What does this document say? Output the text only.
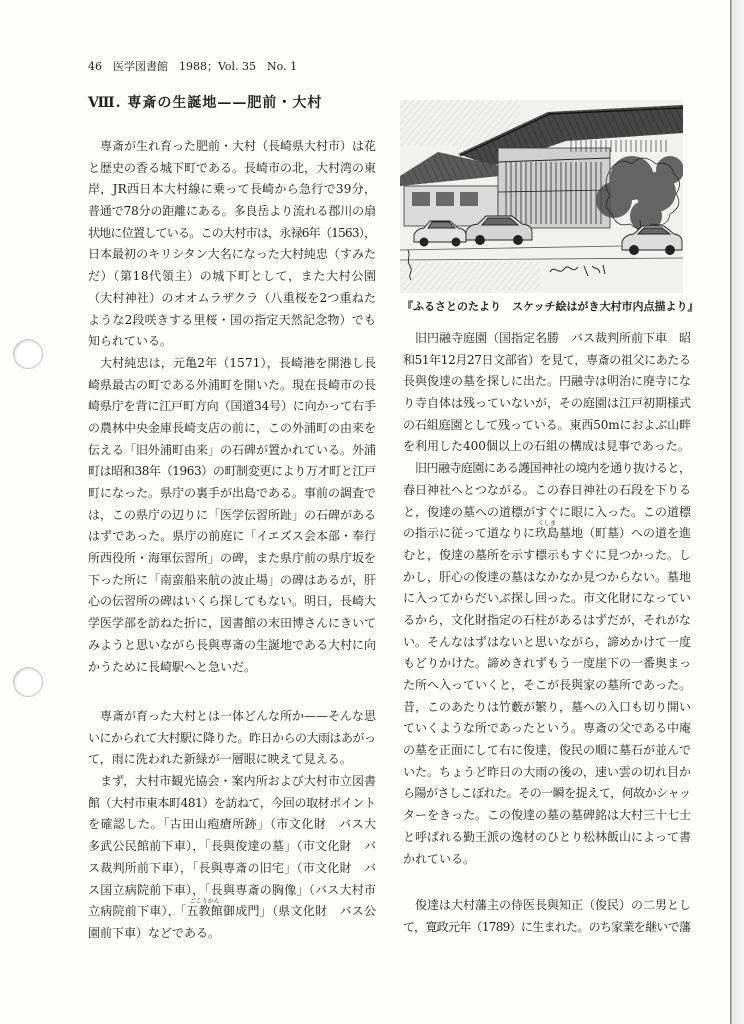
46　医学図書館　1988；Vol. 35　No. 1
Ⅷ. 専斎の生誕地——肥前・大村
専斎が生れ育った肥前・大村（長崎県大村市）は花
と歴史の香る城下町である。長崎市の北，大村湾の東
岸，JR西日本大村線に乗って長崎から急行で39分，
普通で78分の距離にある。多良岳より流れる郡川の扇
状地に位置している。この大村市は，永禄6年（1563），
日本最初のキリシタン大名になった大村純忠（すみた
だ）（第18代領主）の城下町として，また大村公園
（大村神社）のオオムラザクラ（八重桜を2つ重ねた
ような2段咲きする里桜・国の指定天然記念物）でも
知られている。
大村純忠は，元亀2年（1571），長崎港を開港し長
崎県最古の町である外浦町を開いた。現在長崎市の長
崎県庁を背に江戸町方向（国道34号）に向かって右手
の農林中央金庫長崎支店の前に，この外浦町の由来を
伝える「旧外浦町由来」の石碑が置かれている。外浦
町は昭和38年（1963）の町制変更により万才町と江戸
町になった。県庁の裏手が出島である。事前の調査で
は，この県庁の辺りに「医学伝習所趾」の石碑がある
はずであった。県庁の前庭に「イエズス会本部・奉行
所西役所・海軍伝習所」の碑，また県庁前の県庁坂を
下った所に「南蛮船来航の波止場」の碑はあるが，肝
心の伝習所の碑はいくら探してもない。明日，長崎大
学医学部を訪ねた折に，図書館の末田博さんにきいて
みようと思いながら長與専斎の生誕地である大村に向
かうために長崎駅へと急いだ。
専斎が育った大村とは一体どんな所か——そんな思
いにかられて大村駅に降りた。昨日からの大雨はあがっ
て，雨に洗われた新緑が一層眼に映えて見える。
まず，大村市観光協会・案内所および大村市立図書
館（大村市東本町481）を訪ねて，今回の取材ポイント
を確認した。「古田山疱瘡所跡」（市文化財　バス大
多武公民館前下車），「長與俊達の墓」（市文化財　バ
ス裁判所前下車），「長與専斎の旧宅」（市文化財　バ
ス国立病院前下車），「長與専斎の胸像」（バス大村市
立病院前下車），「五教館
ごこうかん
御成門」（県文化財　バス公
園前下車）などである。
『ふるさとのたより　スケッチ絵はがき大村市内点描より』
旧円融寺庭園（国指定名勝　バス裁判所前下車　昭
和51年12月27日文部省）を見て，専斎の祖父にあたる
長與俊達の墓を探しに出た。円融寺は明治に廃寺にな
り寺自体は残っていないが，その庭園は江戸初期様式
の石組庭園として残っている。東西50mにおよぶ山畔
を利用した400個以上の石組の構成は見事であった。
旧円融寺庭園にある護国神社の境内を通り抜けると，
春日神社へとつながる。この春日神社の石段を下りる
と，俊達の墓への道標がすぐに眼に入った。この道標
の指示に従って道なりに玖島
くしま
墓地（町墓）への道を進
むと，俊達の墓所を示す標示もすぐに見つかった。し
かし，肝心の俊達の墓はなかなか見つからない。墓地
に入ってからだいぶ探し回った。市文化財になってい
るから，文化財指定の石柱があるはずだが，それがな
い。そんなはずはないと思いながら，諦めかけて一度
もどりかけた。諦めきれずもう一度崖下の一番奥まっ
た所へ入っていくと，そこが長與家の墓所であった。
昔，このあたりは竹藪が繁り，墓への入口も切り開い
ていくような所であったという。専斎の父である中庵
の墓を正面にして右に俊達，俊民の順に墓石が並んで
いた。ちょうど昨日の大雨の後の，速い雲の切れ目か
ら陽がさしこぼれた。その一瞬を捉えて，何故かシャッ
ターをきった。この俊達の墓の墓碑銘は大村三十七士
と呼ばれる勤王派の逸材のひとり松林飯山によって書
かれている。
俊達は大村藩主の侍医長與知正（俊民）の二男とし
て，寛政元年（1789）に生まれた。のち家業を継いで藩
